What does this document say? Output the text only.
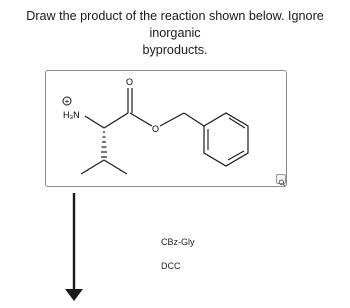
Draw the product of the reaction shown below. Ignore inorganic
byproducts.
+
H₃N
O
O
CBz-Gly
DCC
